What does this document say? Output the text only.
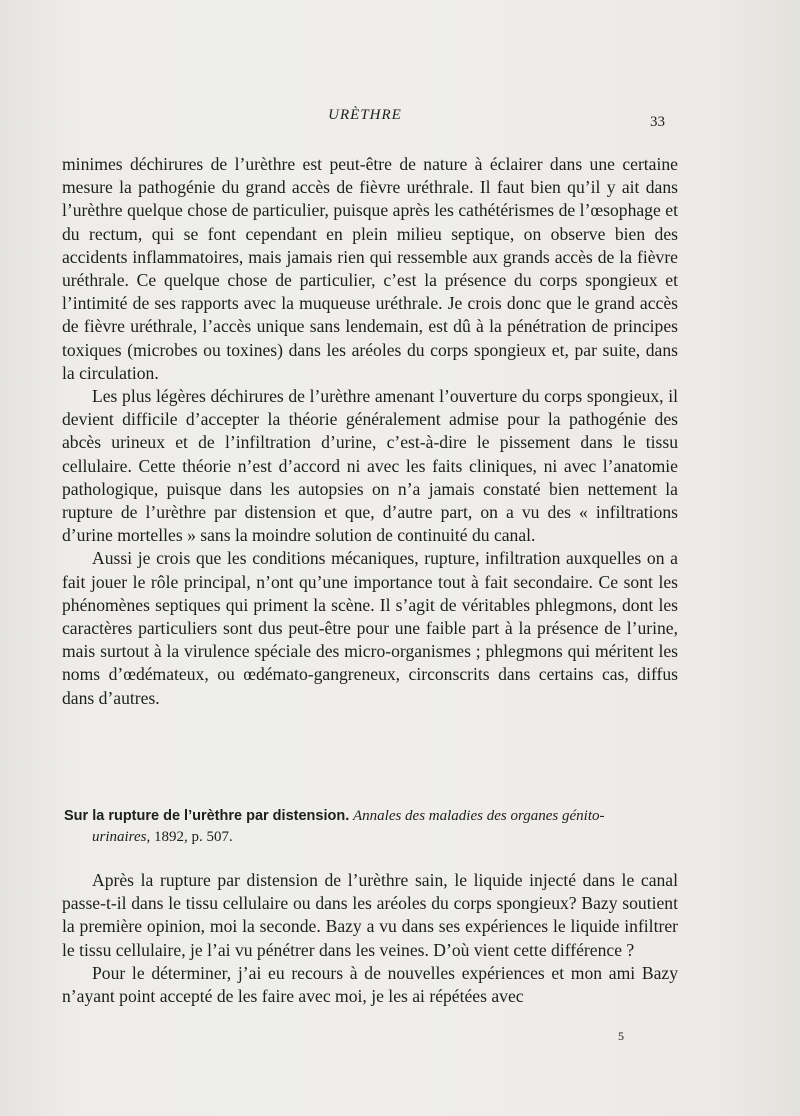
URÈTHRE	33

minimes déchirures de l’urèthre est peut-être de nature à éclairer dans une certaine mesure la pathogénie du grand accès de fièvre uréthrale. Il faut bien qu’il y ait dans l’urèthre quelque chose de particulier, puisque après les cathétérismes de l’œsophage et du rectum, qui se font cependant en plein milieu septique, on observe bien des accidents inflammatoires, mais jamais rien qui ressemble aux grands accès de la fièvre uréthrale. Ce quelque chose de particulier, c’est la présence du corps spongieux et l’intimité de ses rapports avec la muqueuse uréthrale. Je crois donc que le grand accès de fièvre uréthrale, l’accès unique sans lendemain, est dû à la pénétration de principes toxiques (microbes ou toxines) dans les aréoles du corps spongieux et, par suite, dans la circulation.

Les plus légères déchirures de l’urèthre amenant l’ouverture du corps spongieux, il devient difficile d’accepter la théorie généralement admise pour la pathogénie des abcès urineux et de l’infiltration d’urine, c’est-à-dire le pissement dans le tissu cellulaire. Cette théorie n’est d’accord ni avec les faits cliniques, ni avec l’anatomie pathologique, puisque dans les autopsies on n’a jamais constaté bien nettement la rupture de l’urèthre par distension et que, d’autre part, on a vu des « infiltrations d’urine mortelles » sans la moindre solution de continuité du canal.

Aussi je crois que les conditions mécaniques, rupture, infiltration auxquelles on a fait jouer le rôle principal, n’ont qu’une importance tout à fait secondaire. Ce sont les phénomènes septiques qui priment la scène. Il s’agit de véritables phlegmons, dont les caractères particuliers sont dus peut-être pour une faible part à la présence de l’urine, mais surtout à la virulence spéciale des micro-organismes ; phlegmons qui méritent les noms d’œdémateux, ou œdémato-gangreneux, circonscrits dans certains cas, diffus dans d’autres.

Sur la rupture de l’urèthre par distension. Annales des maladies des organes génito-
urinaires, 1892, p. 507.

Après la rupture par distension de l’urèthre sain, le liquide injecté dans le canal passe-t-il dans le tissu cellulaire ou dans les aréoles du corps spongieux? Bazy soutient la première opinion, moi la seconde. Bazy a vu dans ses expériences le liquide infiltrer le tissu cellulaire, je l’ai vu pénétrer dans les veines. D’où vient cette différence ?

Pour le déterminer, j’ai eu recours à de nouvelles expériences et mon ami Bazy n’ayant point accepté de les faire avec moi, je les ai répétées avec

5
